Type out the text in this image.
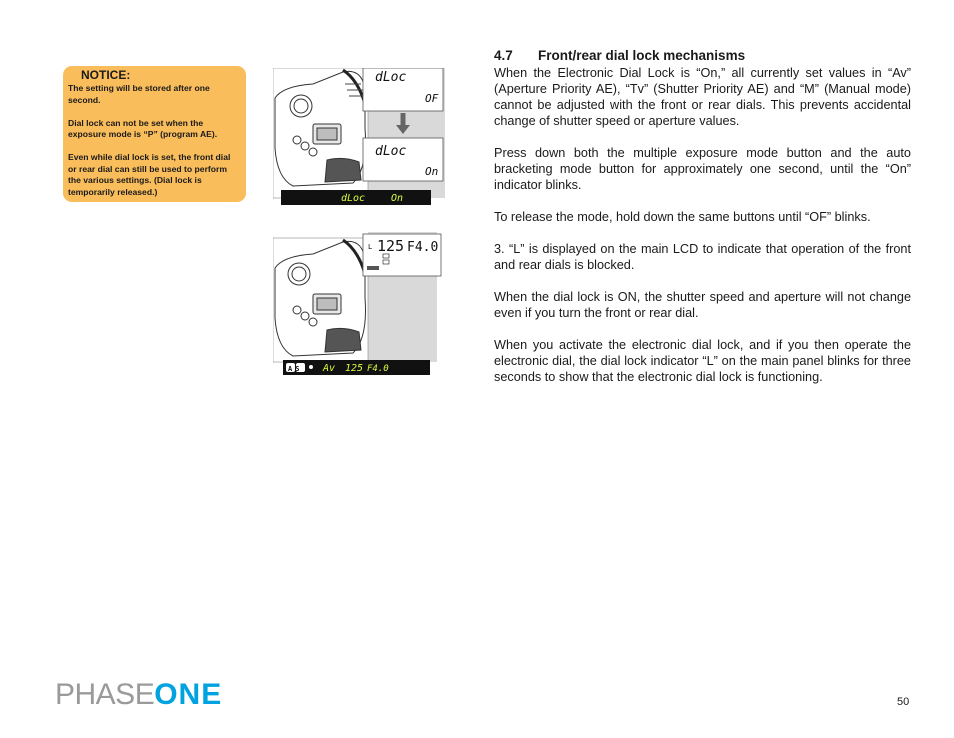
NOTICE:

The setting will be stored after one second.

Dial lock can not be set when the exposure mode is “P” (program AE).

Even while dial lock is set, the front dial or rear dial can still be used to perform the various settings. (Dial lock is temporarily released.)

dLoc
OF
dLoc
On
dLoc	On
L 125 F4.0
AS Av 125 F4.0
4.7	Front/rear dial lock mechanisms

When the Electronic Dial Lock is “On,” all currently set values in “Av” (Aperture Priority AE), “Tv” (Shutter Priority AE) and “M” (Manual mode) cannot be adjusted with the front or rear dials. This prevents accidental change of shutter speed or aperture values.

Press down both the multiple exposure mode button and the auto bracketing mode button for approximately one second, until the “On” indicator blinks.

To release the mode, hold down the same buttons until “OF” blinks.

3. “L” is displayed on the main LCD to indicate that operation of the front and rear dials is blocked.

When the dial lock is ON, the shutter speed and aperture will not change even if you turn the front or rear dial.

When you activate the electronic dial lock, and if you then operate the electronic dial, the dial lock indicator “L” on the main panel blinks for three seconds to show that the electronic dial lock is functioning.

PHASE ONE	50
